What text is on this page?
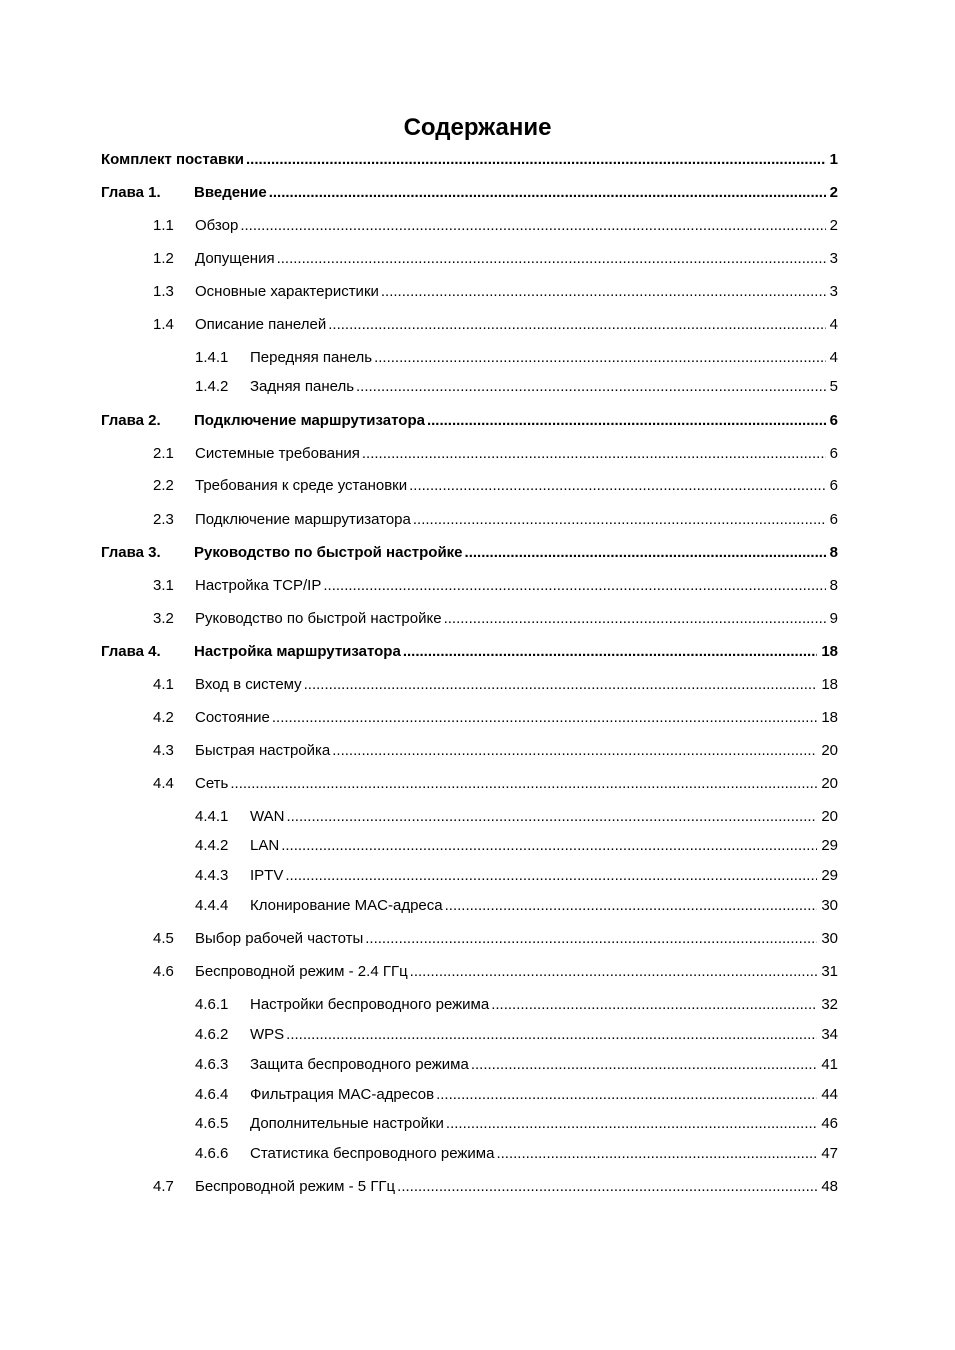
Содержание
Комплект поставки .....	1
Глава 1.	Введение .....	2
1.1	Обзор .....	2
1.2	Допущения .....	3
1.3	Основные характеристики .....	3
1.4	Описание панелей .....	4
1.4.1	Передняя панель .....	4
1.4.2	Задняя панель .....	5
Глава 2.	Подключение маршрутизатора .....	6
2.1	Системные требования .....	6
2.2	Требования к среде установки .....	6
2.3	Подключение маршрутизатора .....	6
Глава 3.	Руководство по быстрой настройке .....	8
3.1	Настройка TCP/IP .....	8
3.2	Руководство по быстрой настройке .....	9
Глава 4.	Настройка маршрутизатора .....	18
4.1	Вход в систему .....	18
4.2	Состояние .....	18
4.3	Быстрая настройка .....	20
4.4	Сеть .....	20
4.4.1	WAN .....	20
4.4.2	LAN .....	29
4.4.3	IPTV .....	29
4.4.4	Клонирование MAC-адреса .....	30
4.5	Выбор рабочей частоты .....	30
4.6	Беспроводной режим - 2.4 ГГц .....	31
4.6.1	Настройки беспроводного режима .....	32
4.6.2	WPS .....	34
4.6.3	Защита беспроводного режима .....	41
4.6.4	Фильтрация MAC-адресов .....	44
4.6.5	Дополнительные настройки .....	46
4.6.6	Статистика беспроводного режима .....	47
4.7	Беспроводной режим - 5 ГГц .....	48
